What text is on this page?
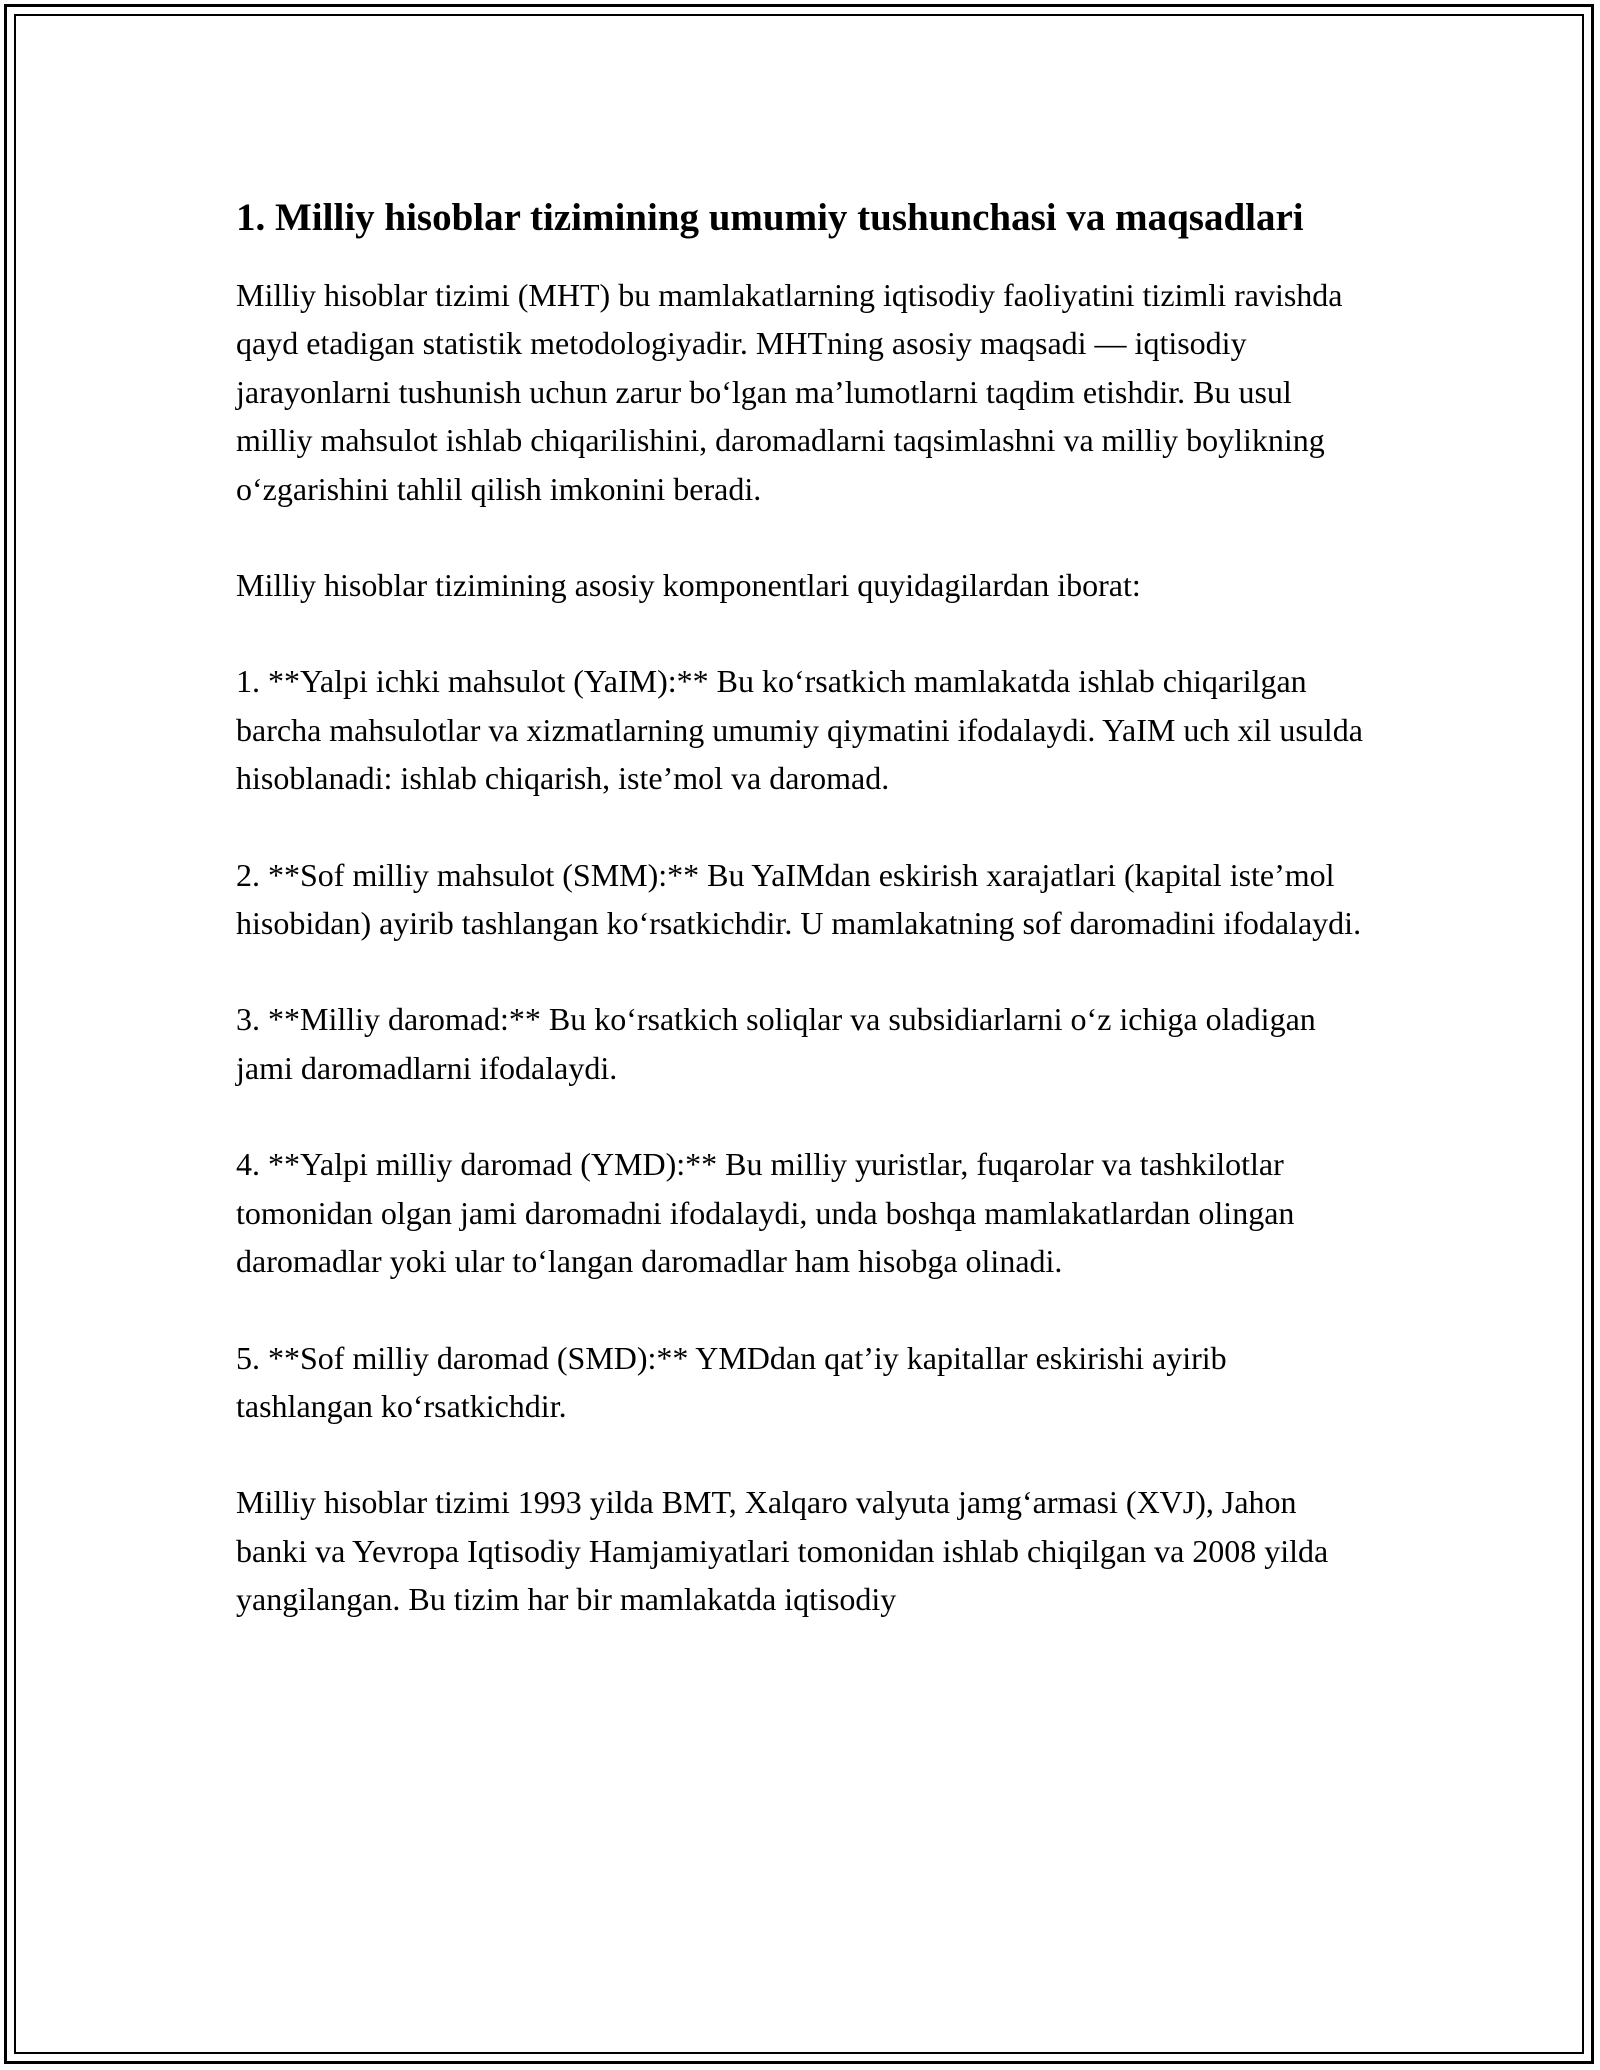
1. Milliy hisoblar tizimining umumiy tushunchasi va maqsadlari

Milliy hisoblar tizimi (MHT) bu mamlakatlarning iqtisodiy faoliyatini tizimli ravishda qayd etadigan statistik metodologiyadir. MHTning asosiy maqsadi — iqtisodiy jarayonlarni tushunish uchun zarur boʻlgan maʼlumotlarni taqdim etishdir. Bu usul milliy mahsulot ishlab chiqarilishini, daromadlarni taqsimlashni va milliy boylikning oʻzgarishini tahlil qilish imkonini beradi.

Milliy hisoblar tizimining asosiy komponentlari quyidagilardan iborat:

1. **Yalpi ichki mahsulot (YaIM):** Bu koʻrsatkich mamlakatda ishlab chiqarilgan barcha mahsulotlar va xizmatlarning umumiy qiymatini ifodalaydi. YaIM uch xil usulda hisoblanadi: ishlab chiqarish, isteʼmol va daromad.

2. **Sof milliy mahsulot (SMM):** Bu YaIMdan eskirish xarajatlari (kapital isteʼmol hisobidan) ayirib tashlangan koʻrsatkichdir. U mamlakatning sof daromadini ifodalaydi.

3. **Milliy daromad:** Bu koʻrsatkich soliqlar va subsidiarlarni oʻz ichiga oladigan jami daromadlarni ifodalaydi.

4. **Yalpi milliy daromad (YMD):** Bu milliy yuristlar, fuqarolar va tashkilotlar tomonidan olgan jami daromadni ifodalaydi, unda boshqa mamlakatlardan olingan daromadlar yoki ular toʻlangan daromadlar ham hisobga olinadi.

5. **Sof milliy daromad (SMD):** YMDdan qatʼiy kapitallar eskirishi ayirib tashlangan koʻrsatkichdir.

Milliy hisoblar tizimi 1993 yilda BMT, Xalqaro valyuta jamgʻarmasi (XVJ), Jahon banki va Yevropa Iqtisodiy Hamjamiyatlari tomonidan ishlab chiqilgan va 2008 yilda yangilangan. Bu tizim har bir mamlakatda iqtisodiy
